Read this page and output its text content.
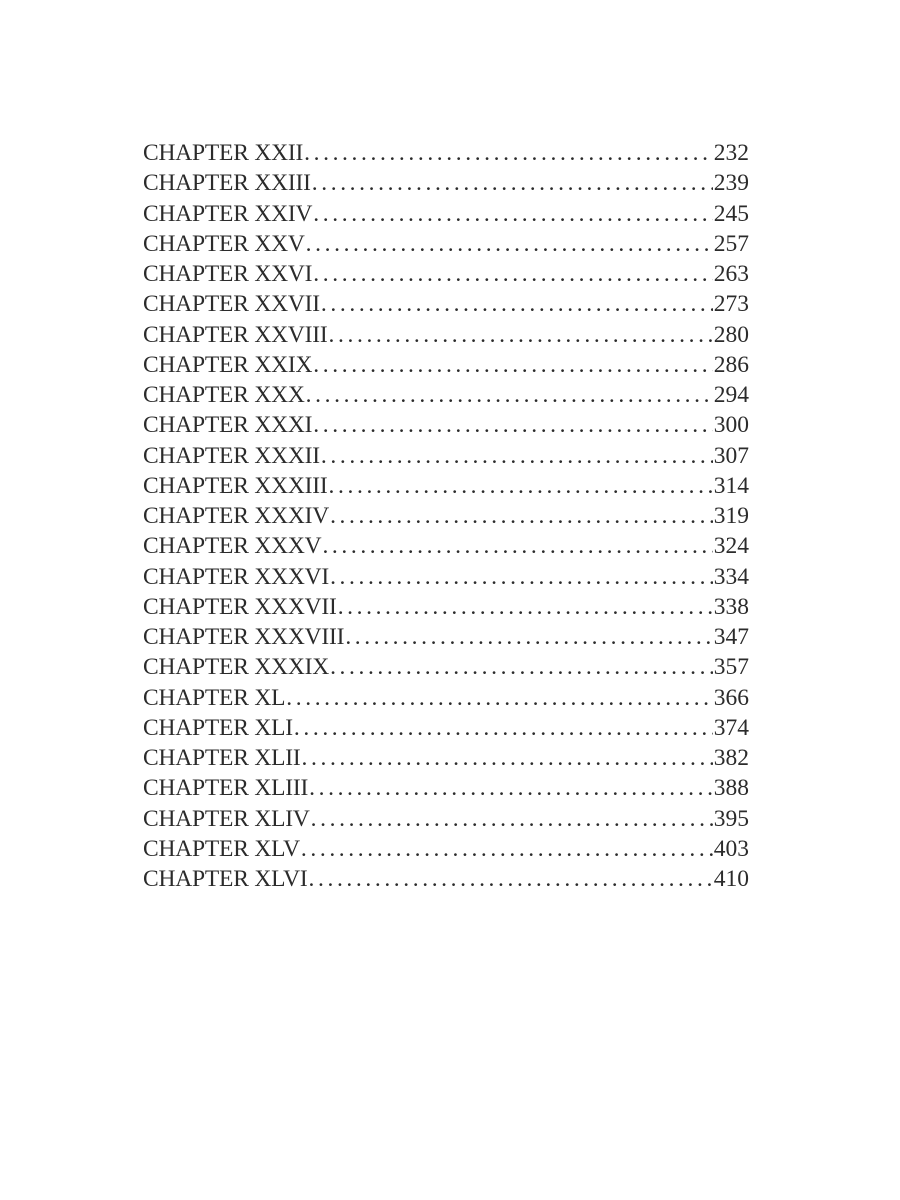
CHAPTER XXII .....	232
CHAPTER XXIII .....	239
CHAPTER XXIV .....	245
CHAPTER XXV .....	257
CHAPTER XXVI .....	263
CHAPTER XXVII .....	273
CHAPTER XXVIII .....	280
CHAPTER XXIX .....	286
CHAPTER XXX .....	294
CHAPTER XXXI .....	300
CHAPTER XXXII .....	307
CHAPTER XXXIII .....	314
CHAPTER XXXIV .....	319
CHAPTER XXXV .....	324
CHAPTER XXXVI .....	334
CHAPTER XXXVII .....	338
CHAPTER XXXVIII .....	347
CHAPTER XXXIX .....	357
CHAPTER XL .....	366
CHAPTER XLI .....	374
CHAPTER XLII .....	382
CHAPTER XLIII .....	388
CHAPTER XLIV .....	395
CHAPTER XLV .....	403
CHAPTER XLVI .....	410
